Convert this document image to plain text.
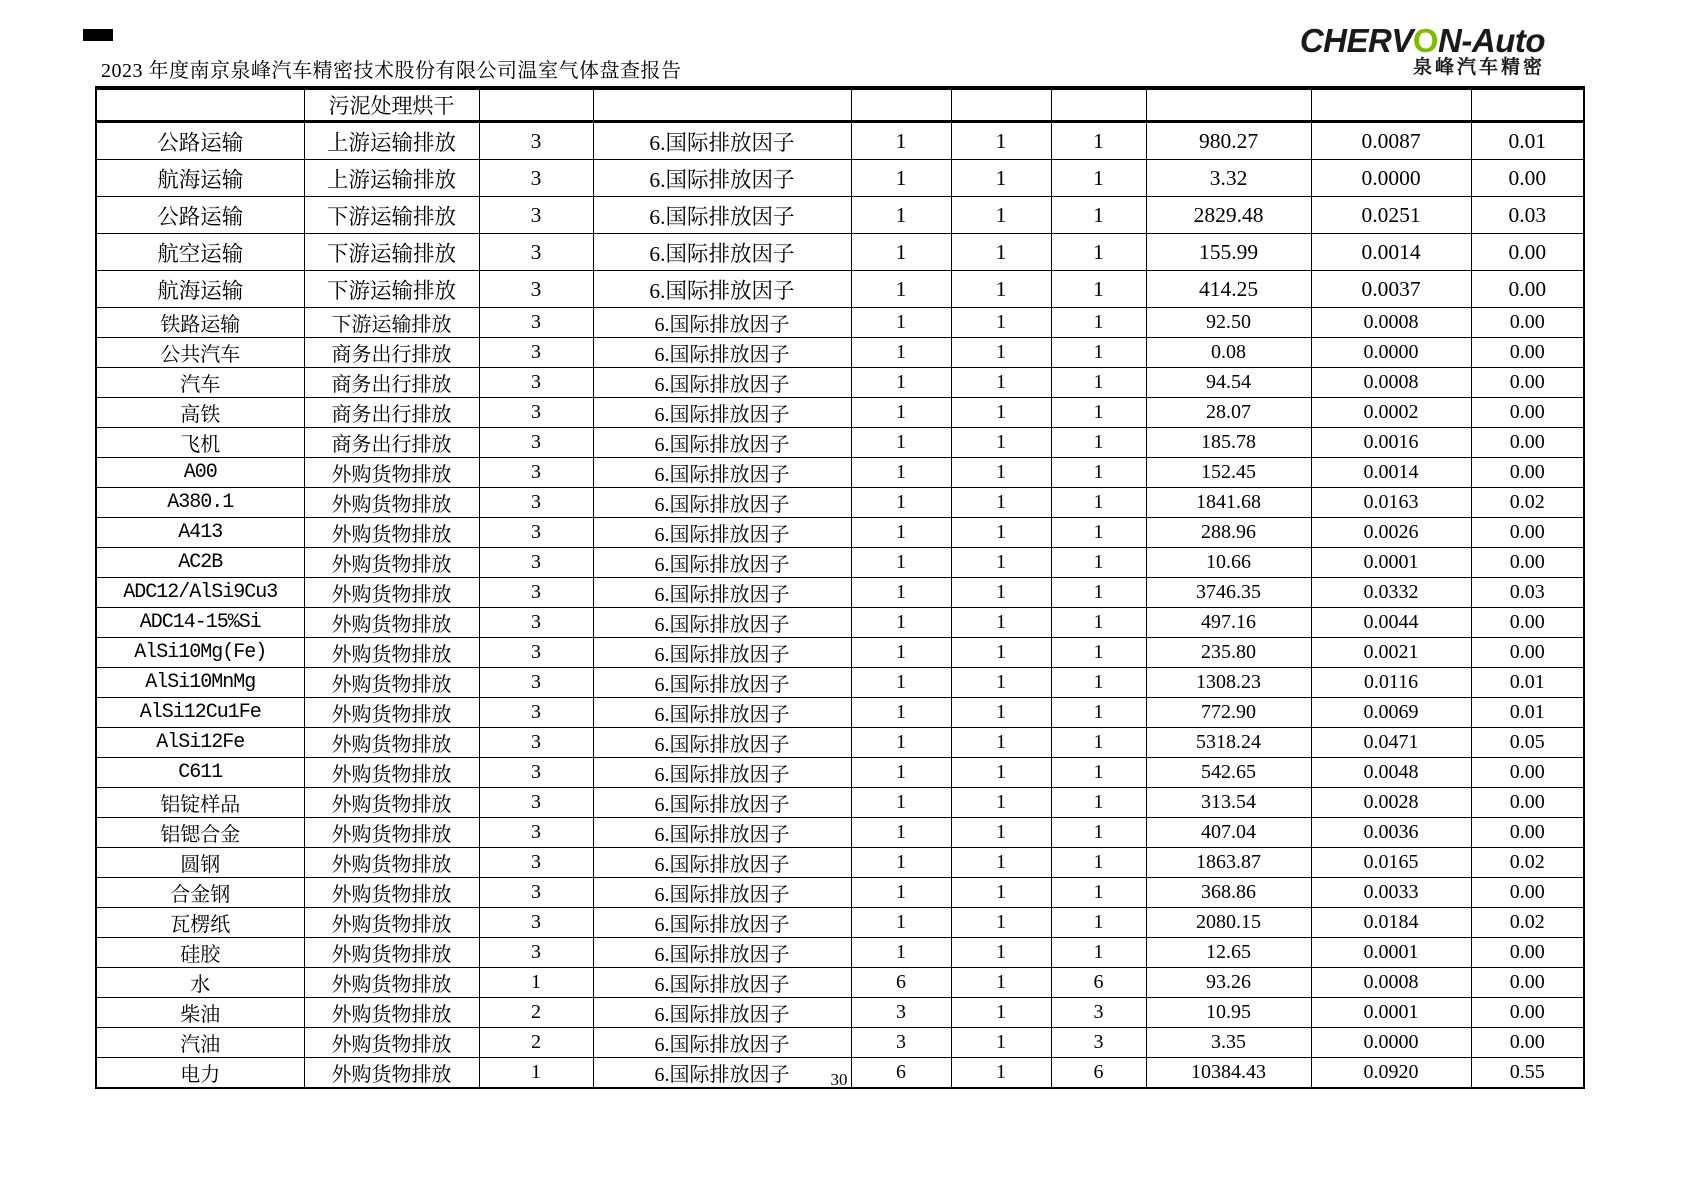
2023 年度南京泉峰汽车精密技术股份有限公司温室气体盘查报告
CHERVON-Auto
泉峰汽车精密
	污泥处理烘干								
公路运输	上游运输排放	3	6.国际排放因子	1	1	1	980.27	0.0087	0.01
航海运输	上游运输排放	3	6.国际排放因子	1	1	1	3.32	0.0000	0.00
公路运输	下游运输排放	3	6.国际排放因子	1	1	1	2829.48	0.0251	0.03
航空运输	下游运输排放	3	6.国际排放因子	1	1	1	155.99	0.0014	0.00
航海运输	下游运输排放	3	6.国际排放因子	1	1	1	414.25	0.0037	0.00
铁路运输	下游运输排放	3	6.国际排放因子	1	1	1	92.50	0.0008	0.00
公共汽车	商务出行排放	3	6.国际排放因子	1	1	1	0.08	0.0000	0.00
汽车	商务出行排放	3	6.国际排放因子	1	1	1	94.54	0.0008	0.00
高铁	商务出行排放	3	6.国际排放因子	1	1	1	28.07	0.0002	0.00
飞机	商务出行排放	3	6.国际排放因子	1	1	1	185.78	0.0016	0.00
A00	外购货物排放	3	6.国际排放因子	1	1	1	152.45	0.0014	0.00
A380.1	外购货物排放	3	6.国际排放因子	1	1	1	1841.68	0.0163	0.02
A413	外购货物排放	3	6.国际排放因子	1	1	1	288.96	0.0026	0.00
AC2B	外购货物排放	3	6.国际排放因子	1	1	1	10.66	0.0001	0.00
ADC12/AlSi9Cu3	外购货物排放	3	6.国际排放因子	1	1	1	3746.35	0.0332	0.03
ADC14-15%Si	外购货物排放	3	6.国际排放因子	1	1	1	497.16	0.0044	0.00
AlSi10Mg(Fe)	外购货物排放	3	6.国际排放因子	1	1	1	235.80	0.0021	0.00
AlSi10MnMg	外购货物排放	3	6.国际排放因子	1	1	1	1308.23	0.0116	0.01
AlSi12Cu1Fe	外购货物排放	3	6.国际排放因子	1	1	1	772.90	0.0069	0.01
AlSi12Fe	外购货物排放	3	6.国际排放因子	1	1	1	5318.24	0.0471	0.05
C611	外购货物排放	3	6.国际排放因子	1	1	1	542.65	0.0048	0.00
铝锭样品	外购货物排放	3	6.国际排放因子	1	1	1	313.54	0.0028	0.00
铝锶合金	外购货物排放	3	6.国际排放因子	1	1	1	407.04	0.0036	0.00
圆钢	外购货物排放	3	6.国际排放因子	1	1	1	1863.87	0.0165	0.02
合金钢	外购货物排放	3	6.国际排放因子	1	1	1	368.86	0.0033	0.00
瓦楞纸	外购货物排放	3	6.国际排放因子	1	1	1	2080.15	0.0184	0.02
硅胶	外购货物排放	3	6.国际排放因子	1	1	1	12.65	0.0001	0.00
水	外购货物排放	1	6.国际排放因子	6	1	6	93.26	0.0008	0.00
柴油	外购货物排放	2	6.国际排放因子	3	1	3	10.95	0.0001	0.00
汽油	外购货物排放	2	6.国际排放因子	3	1	3	3.35	0.0000	0.00
电力	外购货物排放	1	6.国际排放因子	6	1	6	10384.43	0.0920	0.55
30
